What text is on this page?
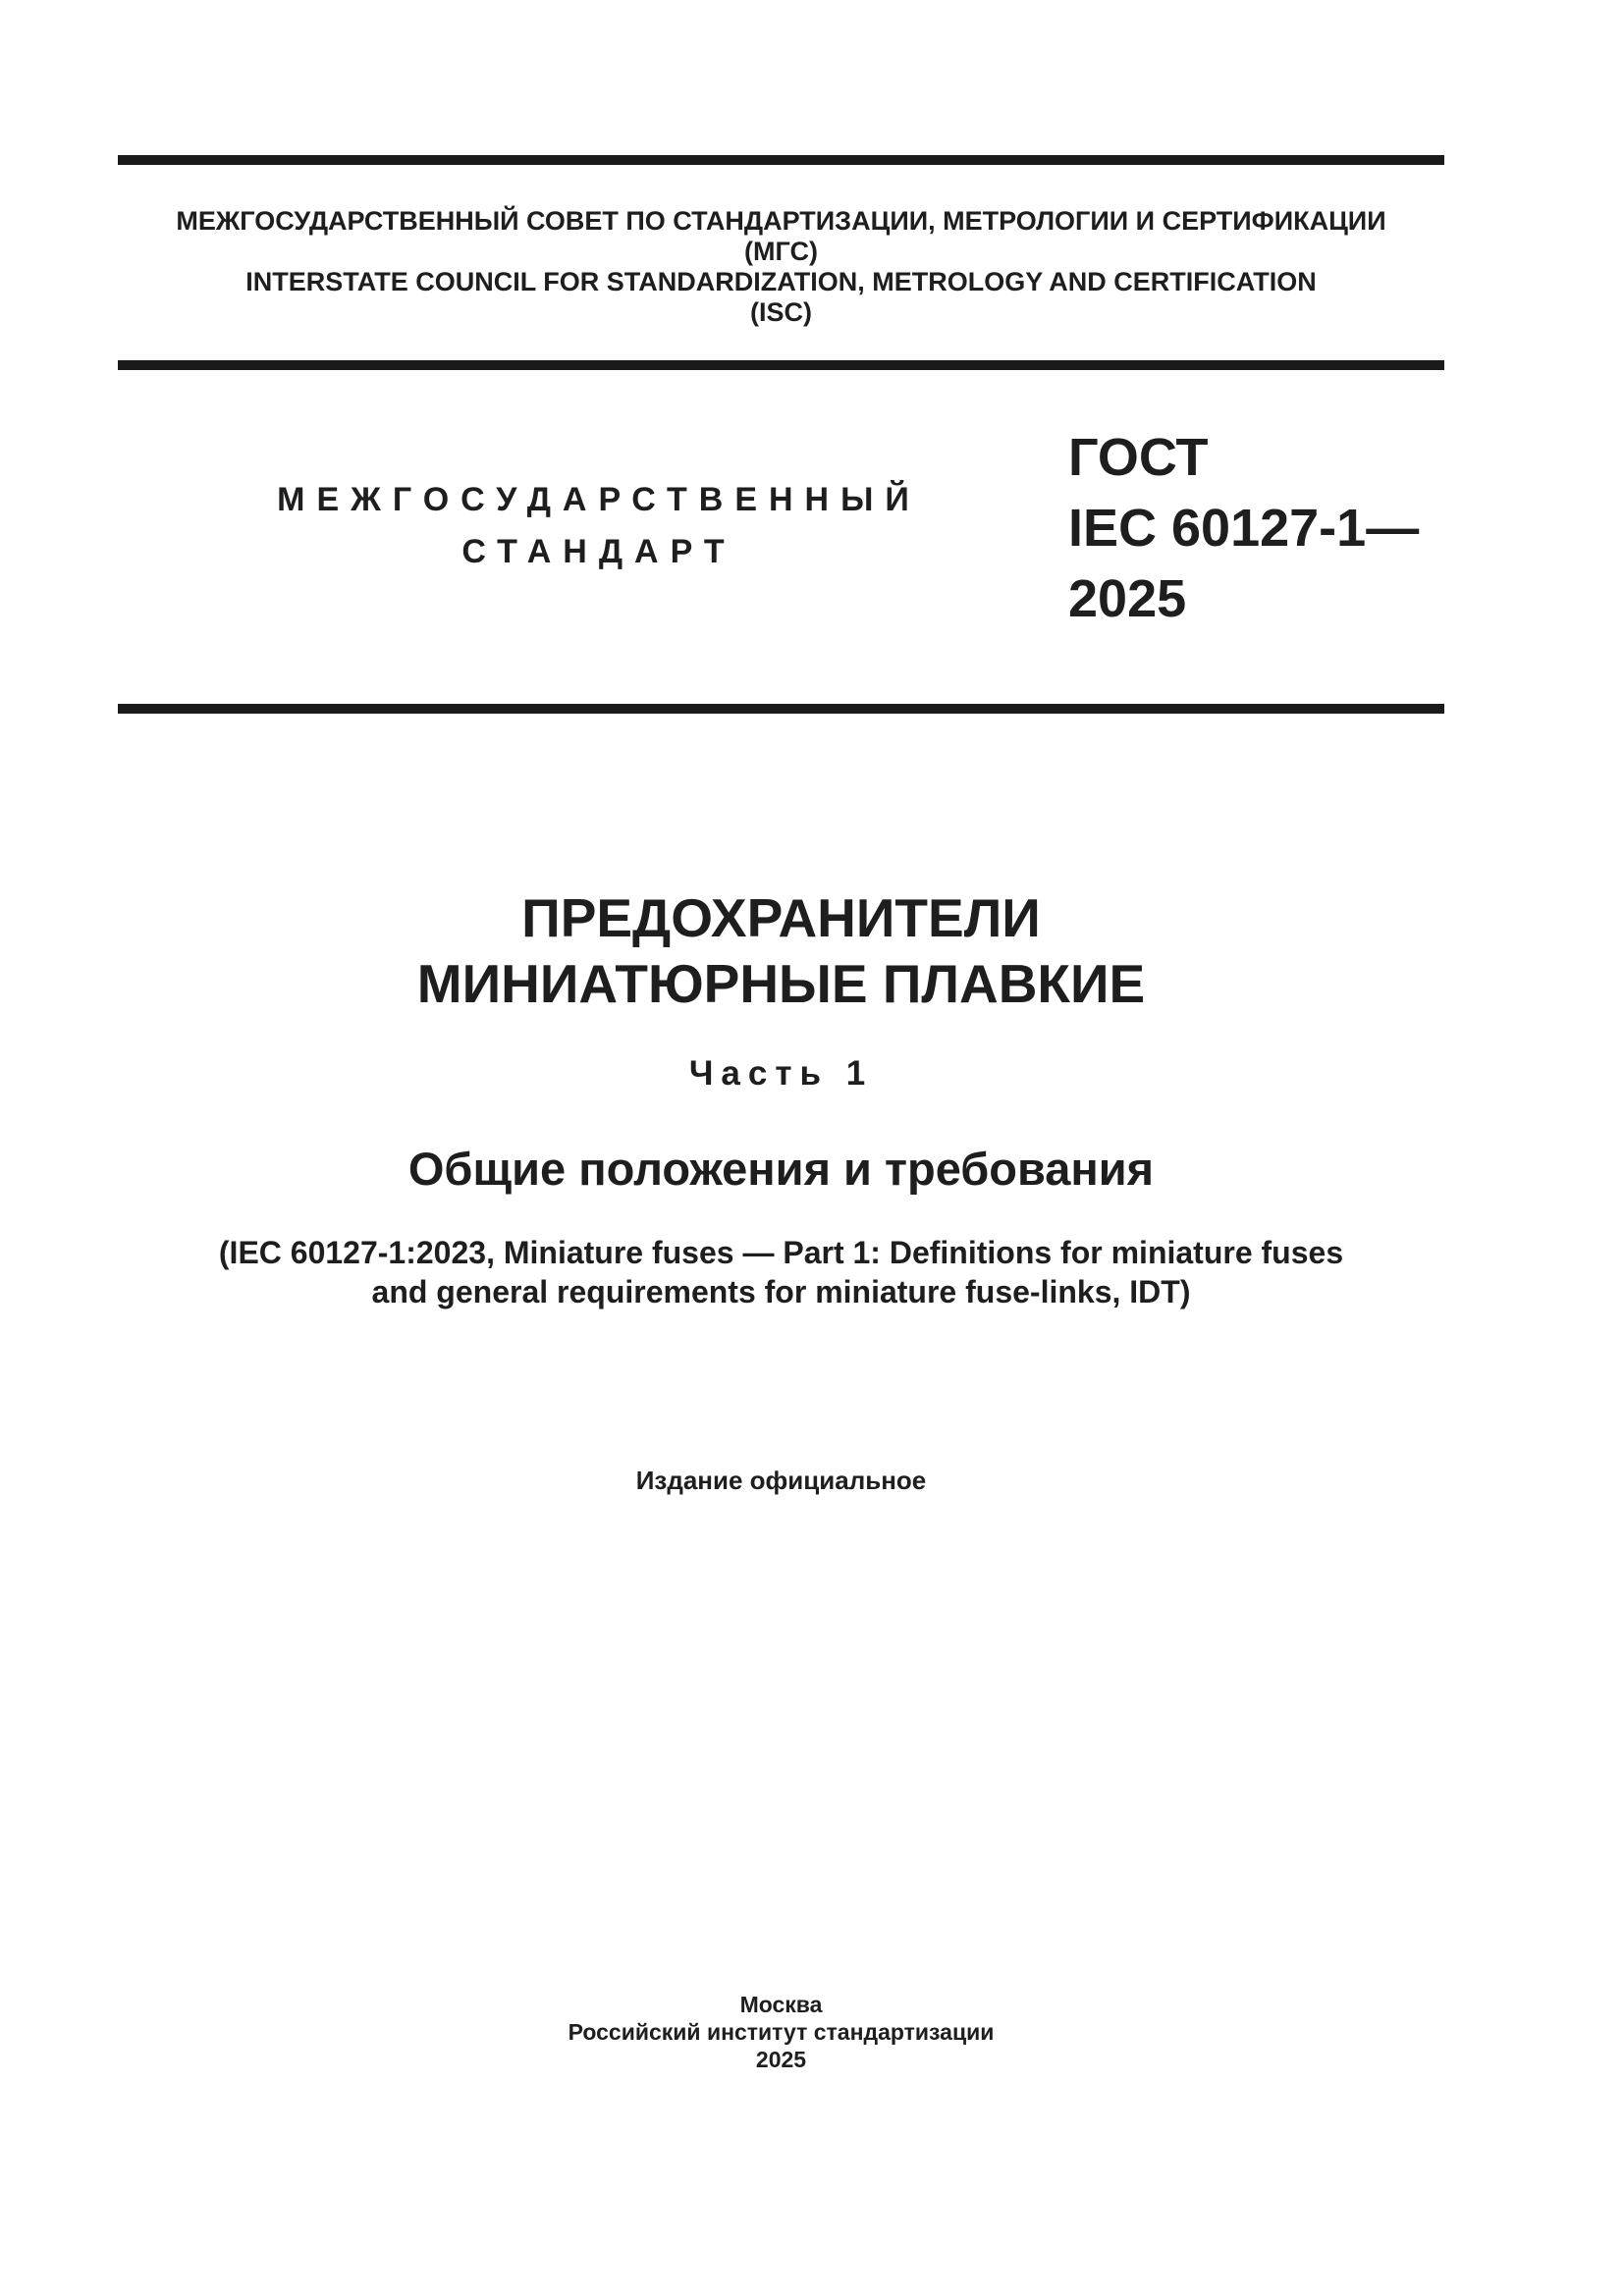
МЕЖГОСУДАРСТВЕННЫЙ СОВЕТ ПО СТАНДАРТИЗАЦИИ, МЕТРОЛОГИИ И СЕРТИФИКАЦИИ
(МГС)
INTERSTATE COUNCIL FOR STANDARDIZATION, METROLOGY AND CERTIFICATION
(ISC)
МЕЖГОСУДАРСТВЕННЫЙ
СТАНДАРТ
ГОСТ
IEC 60127-1—
2025
ПРЕДОХРАНИТЕЛИ
МИНИАТЮРНЫЕ ПЛАВКИЕ
Часть 1
Общие положения и требования
(IEC 60127-1:2023, Miniature fuses — Part 1: Definitions for miniature fuses
and general requirements for miniature fuse-links, IDT)
Издание официальное
Москва
Российский институт стандартизации
2025
